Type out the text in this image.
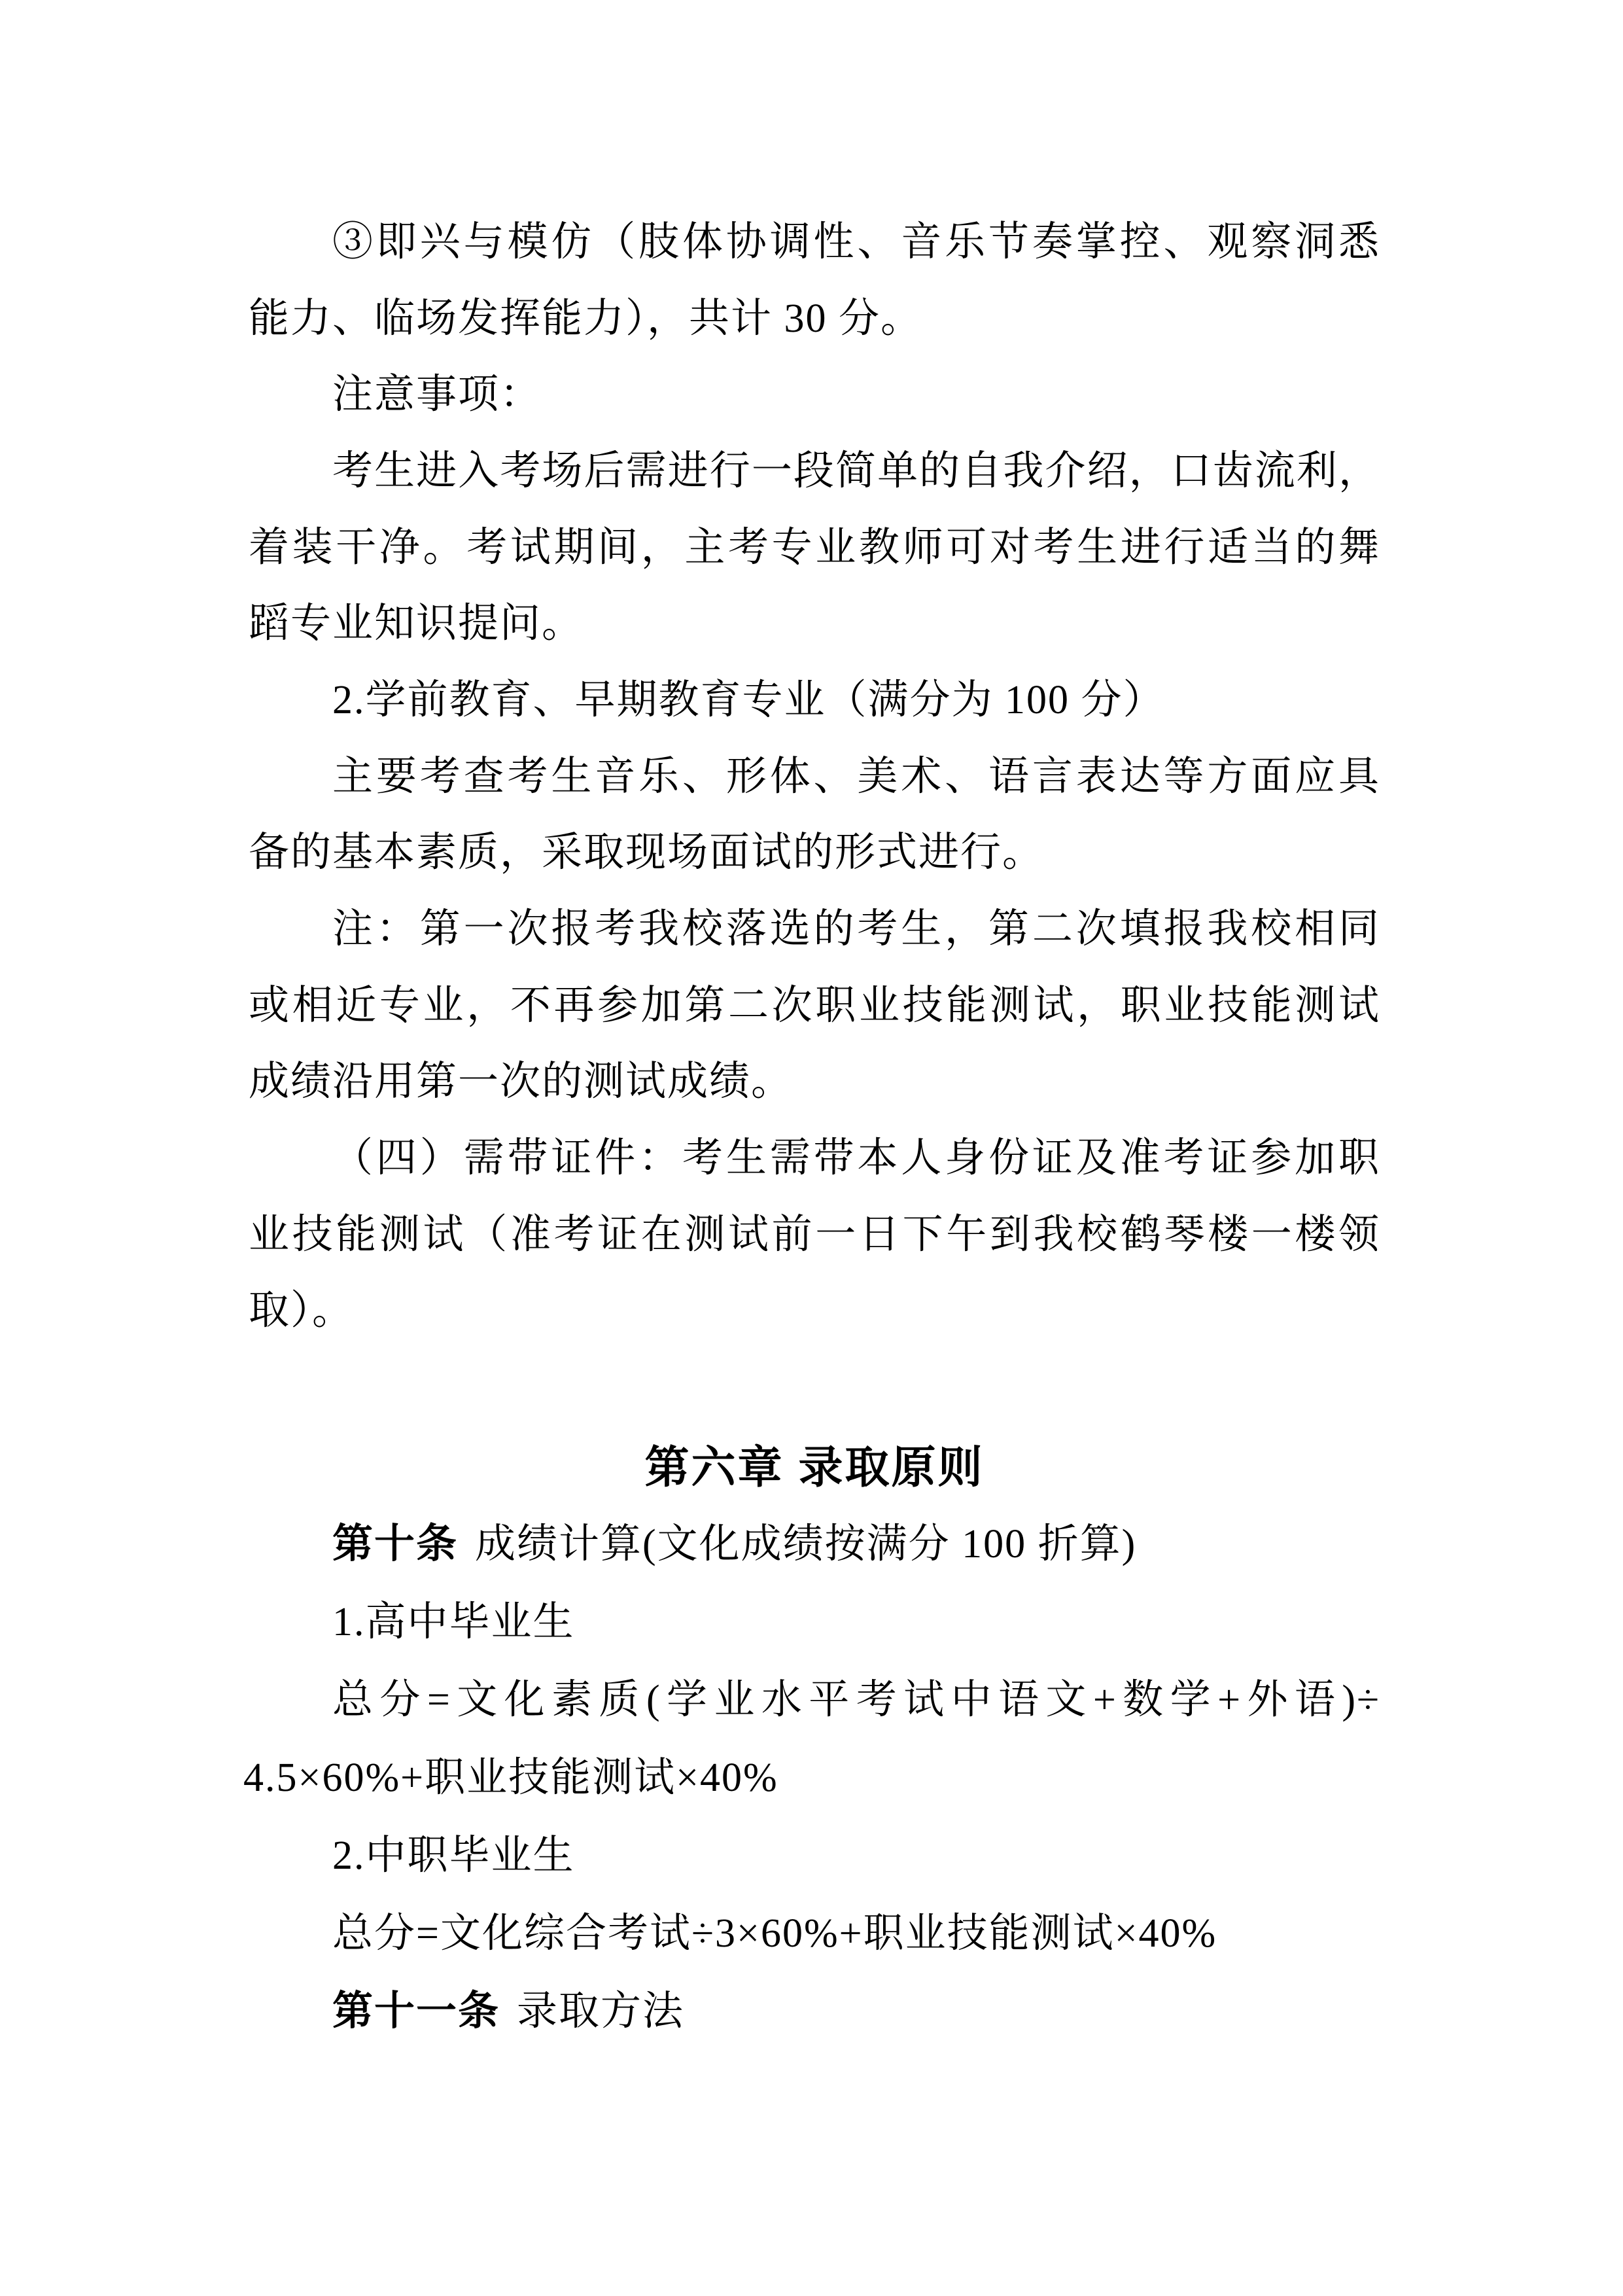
③即兴与模仿（肢体协调性、音乐节奏掌控、观察洞悉
能力、临场发挥能力），共计 30 分。
注意事项：
考生进入考场后需进行一段简单的自我介绍，口齿流利，
着装干净。考试期间，主考专业教师可对考生进行适当的舞
蹈专业知识提问。
2.学前教育、早期教育专业（满分为 100 分）
主要考查考生音乐、形体、美术、语言表达等方面应具
备的基本素质，采取现场面试的形式进行。
注：第一次报考我校落选的考生，第二次填报我校相同
或相近专业，不再参加第二次职业技能测试，职业技能测试
成绩沿用第一次的测试成绩。
（四）需带证件：考生需带本人身份证及准考证参加职
业技能测试（准考证在测试前一日下午到我校鹤琴楼一楼领
取）。
第六章 录取原则
第十条 成绩计算(文化成绩按满分 100 折算)
1.高中毕业生
总分=文化素质(学业水平考试中语文+数学+外语)÷
4.5×60%+职业技能测试×40%
2.中职毕业生
总分=文化综合考试÷3×60%+职业技能测试×40%
第十一条 录取方法
